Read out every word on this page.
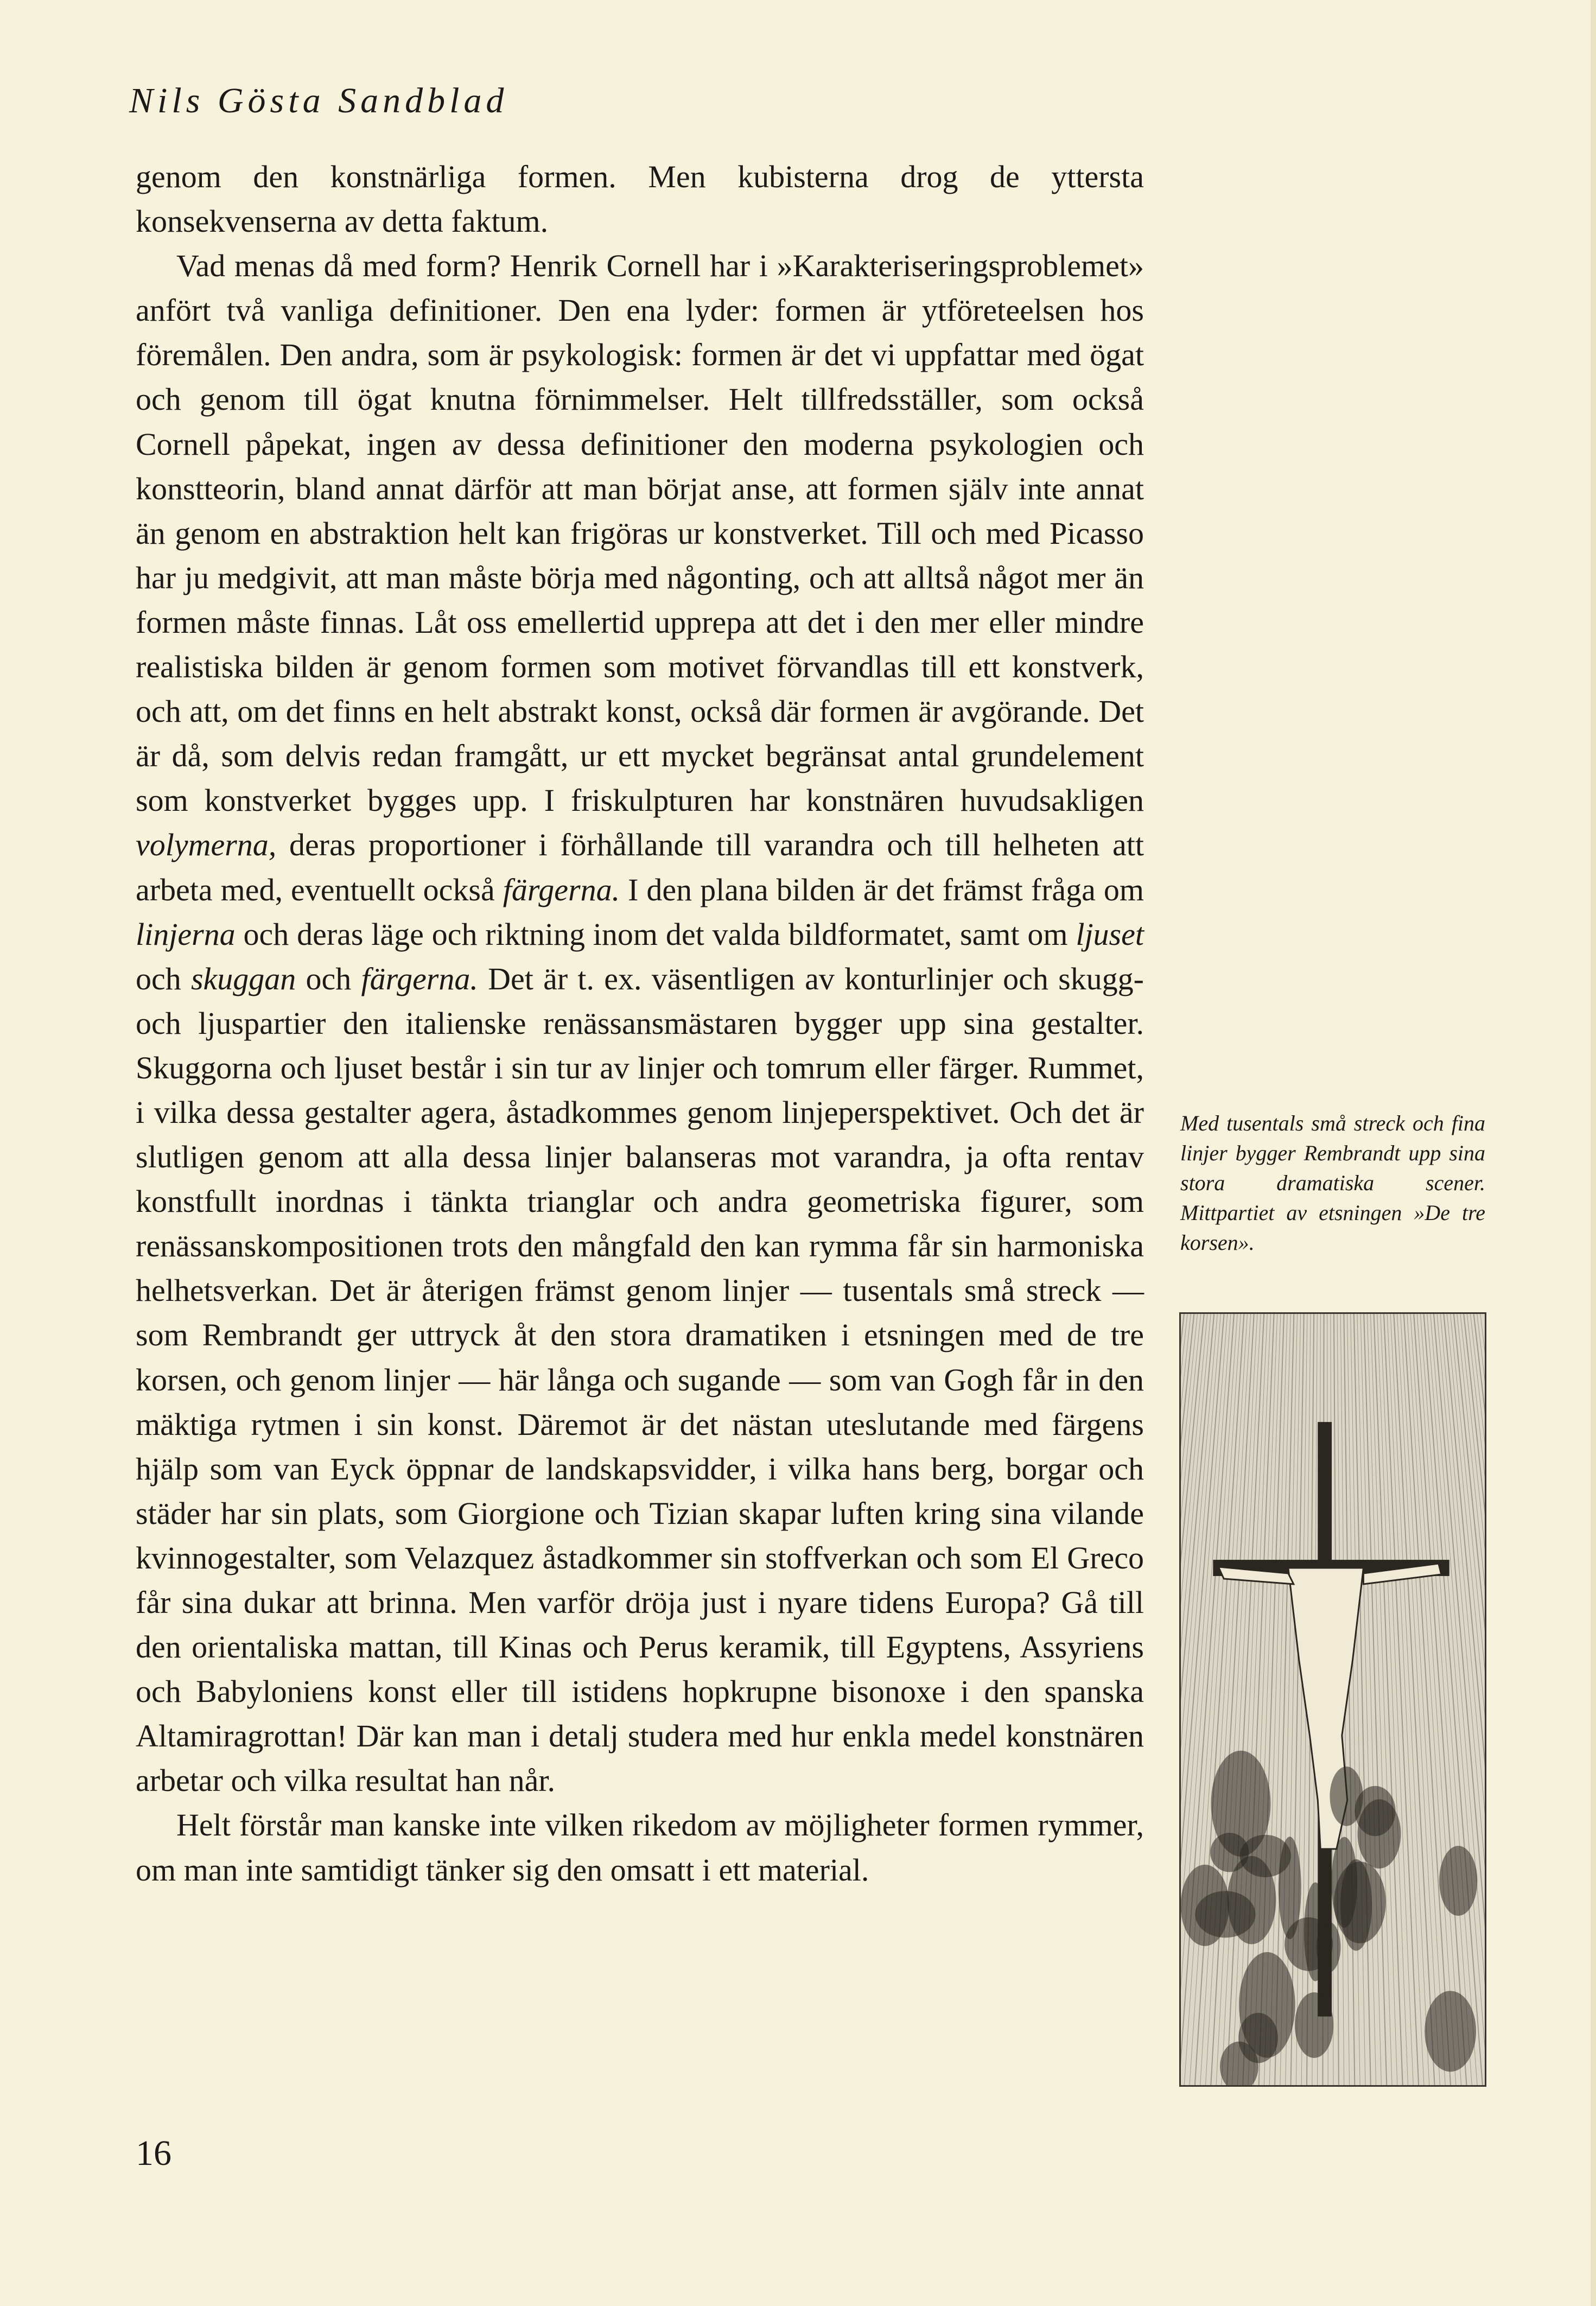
Nils Gösta Sandblad

genom den konstnärliga formen. Men kubisterna drog de yttersta konsekvenserna av detta faktum.

Vad menas då med form? Henrik Cornell har i »Karakteriseringsproblemet» anfört två vanliga definitioner. Den ena lyder: formen är ytföreteelsen hos föremålen. Den andra, som är psykologisk: formen är det vi uppfattar med ögat och genom till ögat knutna förnimmelser. Helt tillfredsställer, som också Cornell påpekat, ingen av dessa definitioner den moderna psykologien och konstteorin, bland annat därför att man börjat anse, att formen själv inte annat än genom en abstraktion helt kan frigöras ur konstverket. Till och med Picasso har ju medgivit, att man måste börja med någonting, och att alltså något mer än formen måste finnas. Låt oss emellertid upprepa att det i den mer eller mindre realistiska bilden är genom formen som motivet förvandlas till ett konstverk, och att, om det finns en helt abstrakt konst, också där formen är avgörande. Det är då, som delvis redan framgått, ur ett mycket begränsat antal grundelement som konstverket bygges upp. I friskulpturen har konstnären huvudsakligen volymerna, deras proportioner i förhållande till varandra och till helheten att arbeta med, eventuellt också färgerna. I den plana bilden är det främst fråga om linjerna och deras läge och riktning inom det valda bildformatet, samt om ljuset och skuggan och färgerna. Det är t. ex. väsentligen av konturlinjer och skugg- och ljuspartier den italienske renässansmästaren bygger upp sina gestalter. Skuggorna och ljuset består i sin tur av linjer och tomrum eller färger. Rummet, i vilka dessa gestalter agera, åstadkommes genom linjeperspektivet. Och det är slutligen genom att alla dessa linjer balanseras mot varandra, ja ofta rentav konstfullt inordnas i tänkta trianglar och andra geometriska figurer, som renässanskompositionen trots den mångfald den kan rymma får sin harmoniska helhetsverkan. Det är återigen främst genom linjer — tusentals små streck — som Rembrandt ger uttryck åt den stora dramatiken i etsningen med de tre korsen, och genom linjer — här långa och sugande — som van Gogh får in den mäktiga rytmen i sin konst. Däremot är det nästan uteslutande med färgens hjälp som van Eyck öppnar de landskapsvidder, i vilka hans berg, borgar och städer har sin plats, som Giorgione och Tizian skapar luften kring sina vilande kvinnogestalter, som Velazquez åstadkommer sin stoffverkan och som El Greco får sina dukar att brinna. Men varför dröja just i nyare tidens Europa? Gå till den orientaliska mattan, till Kinas och Perus keramik, till Egyptens, Assyriens och Babyloniens konst eller till istidens hopkrupne bisonoxe i den spanska Altamiragrottan! Där kan man i detalj studera med hur enkla medel konstnären arbetar och vilka resultat han når.

Helt förstår man kanske inte vilken rikedom av möjligheter formen rymmer, om man inte samtidigt tänker sig den omsatt i ett material.

Med tusentals små streck och fina linjer bygger Rembrandt upp sina stora dramatiska scener. Mittpartiet av etsningen »De tre korsen».
16
